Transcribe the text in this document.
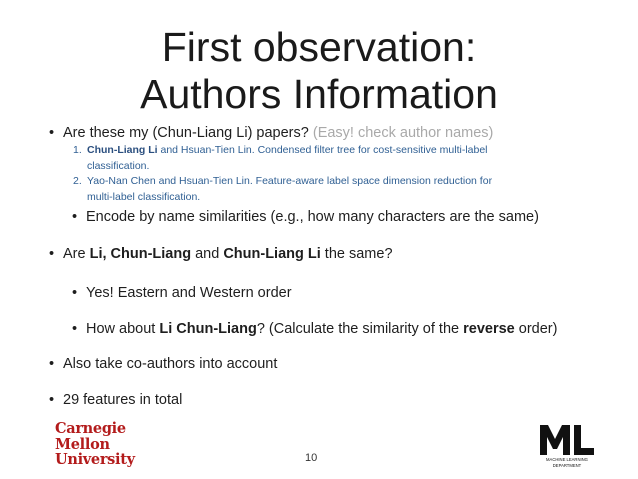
First observation:
Authors Information
• Are these my (Chun-Liang Li) papers? (Easy! check author names)
1. Chun-Liang Li and Hsuan-Tien Lin. Condensed filter tree for cost-sensitive multi-label
classification.
2. Yao-Nan Chen and Hsuan-Tien Lin. Feature-aware label space dimension reduction for
multi-label classification.
• Encode by name similarities (e.g., how many characters are the same)
• Are Li, Chun-Liang and Chun-Liang Li the same?
• Yes! Eastern and Western order
• How about Li Chun-Liang? (Calculate the similarity of the reverse order)
• Also take co-authors into account
• 29 features in total
Carnegie
Mellon
University	10	MACHINE LEARNING
DEPARTMENT
